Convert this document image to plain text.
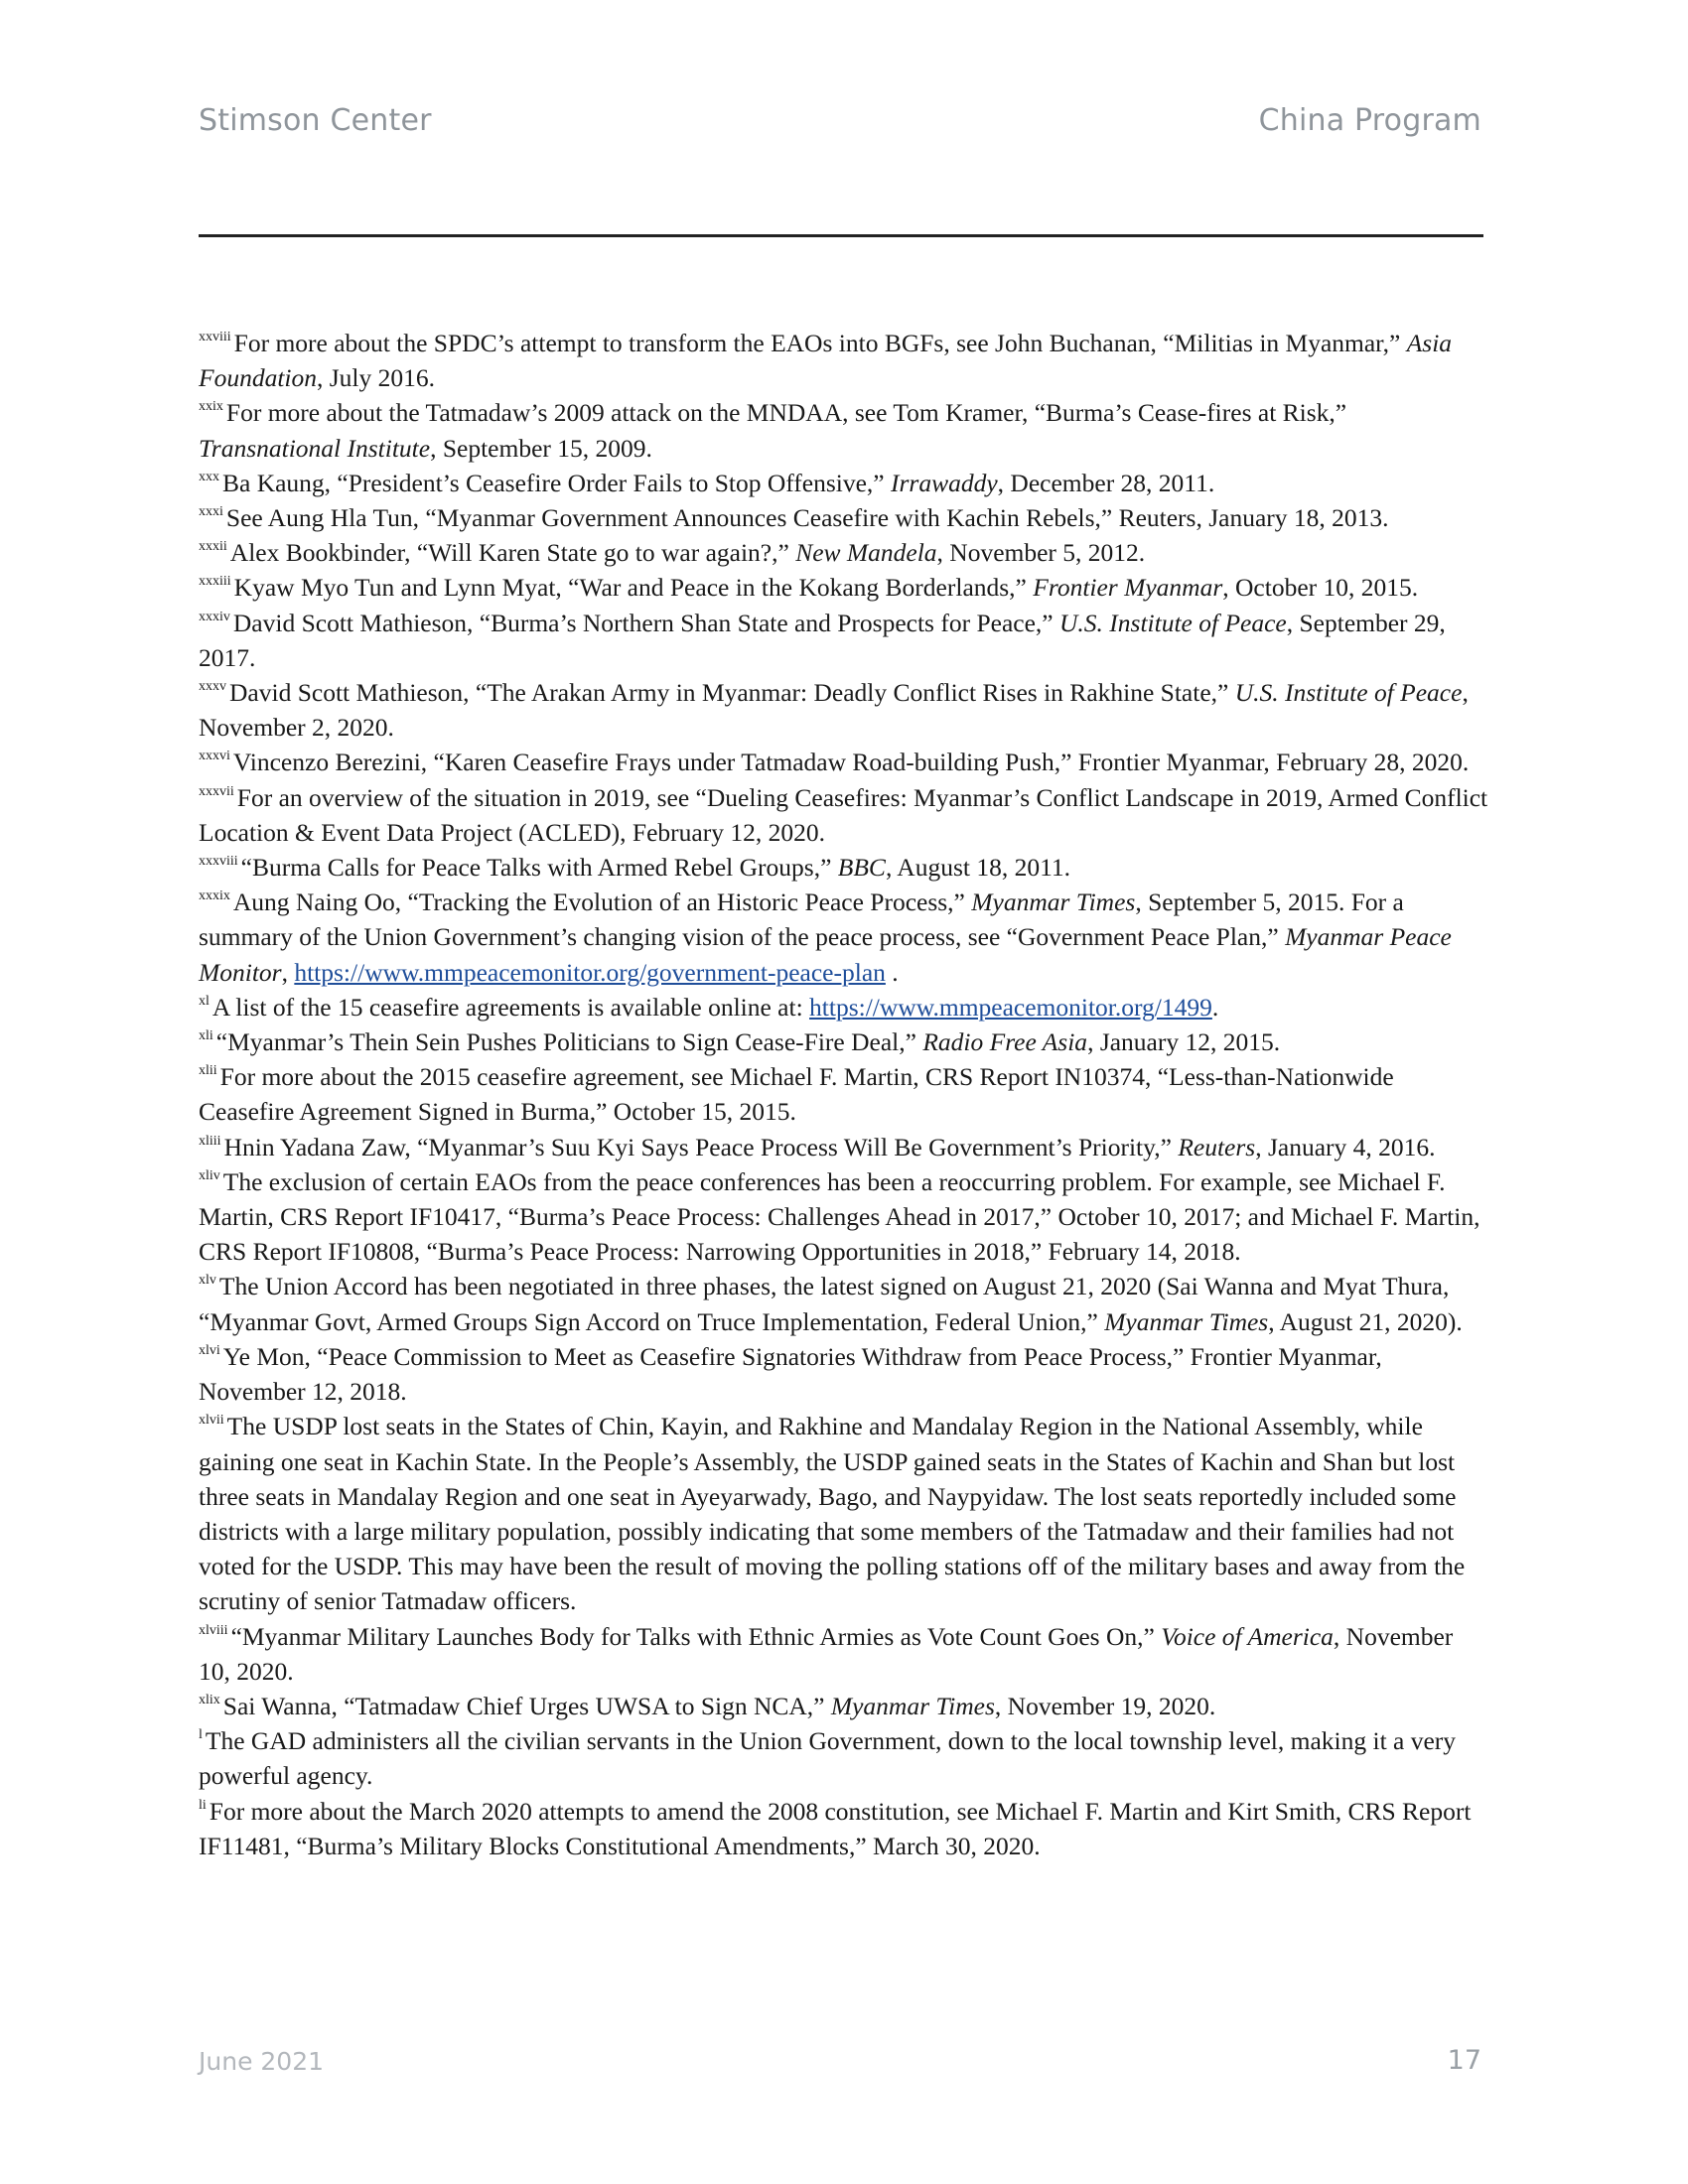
Stimson Center	China Program

$^{xxviii}$ For more about the SPDC’s attempt to transform the EAOs into BGFs, see John Buchanan, “Militias in Myanmar,” Asia Foundation, July 2016.

$^{xxix}$ For more about the Tatmadaw’s 2009 attack on the MNDAA, see Tom Kramer, “Burma’s Cease-fires at Risk,” Transnational Institute, September 15, 2009.

$^{xxx}$ Ba Kaung, “President’s Ceasefire Order Fails to Stop Offensive,” Irrawaddy, December 28, 2011.

$^{xxxi}$ See Aung Hla Tun, “Myanmar Government Announces Ceasefire with Kachin Rebels,” Reuters, January 18, 2013.

$^{xxxii}$ Alex Bookbinder, “Will Karen State go to war again?,” New Mandela, November 5, 2012.

$^{xxxiii}$ Kyaw Myo Tun and Lynn Myat, “War and Peace in the Kokang Borderlands,” Frontier Myanmar, October 10, 2015.

$^{xxxiv}$ David Scott Mathieson, “Burma’s Northern Shan State and Prospects for Peace,” U.S. Institute of Peace, September 29, 2017.

$^{xxxv}$ David Scott Mathieson, “The Arakan Army in Myanmar: Deadly Conflict Rises in Rakhine State,” U.S. Institute of Peace, November 2, 2020.

$^{xxxvi}$ Vincenzo Berezini, “Karen Ceasefire Frays under Tatmadaw Road-building Push,” Frontier Myanmar, February 28, 2020.

$^{xxxvii}$ For an overview of the situation in 2019, see “Dueling Ceasefires: Myanmar’s Conflict Landscape in 2019, Armed Conflict Location & Event Data Project (ACLED), February 12, 2020.

$^{xxxviii}$ “Burma Calls for Peace Talks with Armed Rebel Groups,” BBC, August 18, 2011.

$^{xxxix}$ Aung Naing Oo, “Tracking the Evolution of an Historic Peace Process,” Myanmar Times, September 5, 2015. For a summary of the Union Government’s changing vision of the peace process, see “Government Peace Plan,” Myanmar Peace Monitor, https://www.mmpeacemonitor.org/government-peace-plan .

$^{xl}$ A list of the 15 ceasefire agreements is available online at: https://www.mmpeacemonitor.org/1499.

$^{xli}$ “Myanmar’s Thein Sein Pushes Politicians to Sign Cease-Fire Deal,” Radio Free Asia, January 12, 2015.

$^{xlii}$ For more about the 2015 ceasefire agreement, see Michael F. Martin, CRS Report IN10374, “Less-than-Nationwide Ceasefire Agreement Signed in Burma,” October 15, 2015.

$^{xliii}$ Hnin Yadana Zaw, “Myanmar’s Suu Kyi Says Peace Process Will Be Government’s Priority,” Reuters, January 4, 2016.

$^{xliv}$ The exclusion of certain EAOs from the peace conferences has been a reoccurring problem. For example, see Michael F. Martin, CRS Report IF10417, “Burma’s Peace Process: Challenges Ahead in 2017,” October 10, 2017; and Michael F. Martin, CRS Report IF10808, “Burma’s Peace Process: Narrowing Opportunities in 2018,” February 14, 2018.

$^{xlv}$ The Union Accord has been negotiated in three phases, the latest signed on August 21, 2020 (Sai Wanna and Myat Thura, “Myanmar Govt, Armed Groups Sign Accord on Truce Implementation, Federal Union,” Myanmar Times, August 21, 2020).

$^{xlvi}$ Ye Mon, “Peace Commission to Meet as Ceasefire Signatories Withdraw from Peace Process,” Frontier Myanmar, November 12, 2018.

$^{xlvii}$ The USDP lost seats in the States of Chin, Kayin, and Rakhine and Mandalay Region in the National Assembly, while gaining one seat in Kachin State. In the People’s Assembly, the USDP gained seats in the States of Kachin and Shan but lost three seats in Mandalay Region and one seat in Ayeyarwady, Bago, and Naypyidaw. The lost seats reportedly included some districts with a large military population, possibly indicating that some members of the Tatmadaw and their families had not voted for the USDP. This may have been the result of moving the polling stations off of the military bases and away from the scrutiny of senior Tatmadaw officers.

$^{xlviii}$ “Myanmar Military Launches Body for Talks with Ethnic Armies as Vote Count Goes On,” Voice of America, November 10, 2020.

$^{xlix}$ Sai Wanna, “Tatmadaw Chief Urges UWSA to Sign NCA,” Myanmar Times, November 19, 2020.

$^l$ The GAD administers all the civilian servants in the Union Government, down to the local township level, making it a very powerful agency.

$^{li}$ For more about the March 2020 attempts to amend the 2008 constitution, see Michael F. Martin and Kirt Smith, CRS Report IF11481, “Burma’s Military Blocks Constitutional Amendments,” March 30, 2020.

June 2021	17
